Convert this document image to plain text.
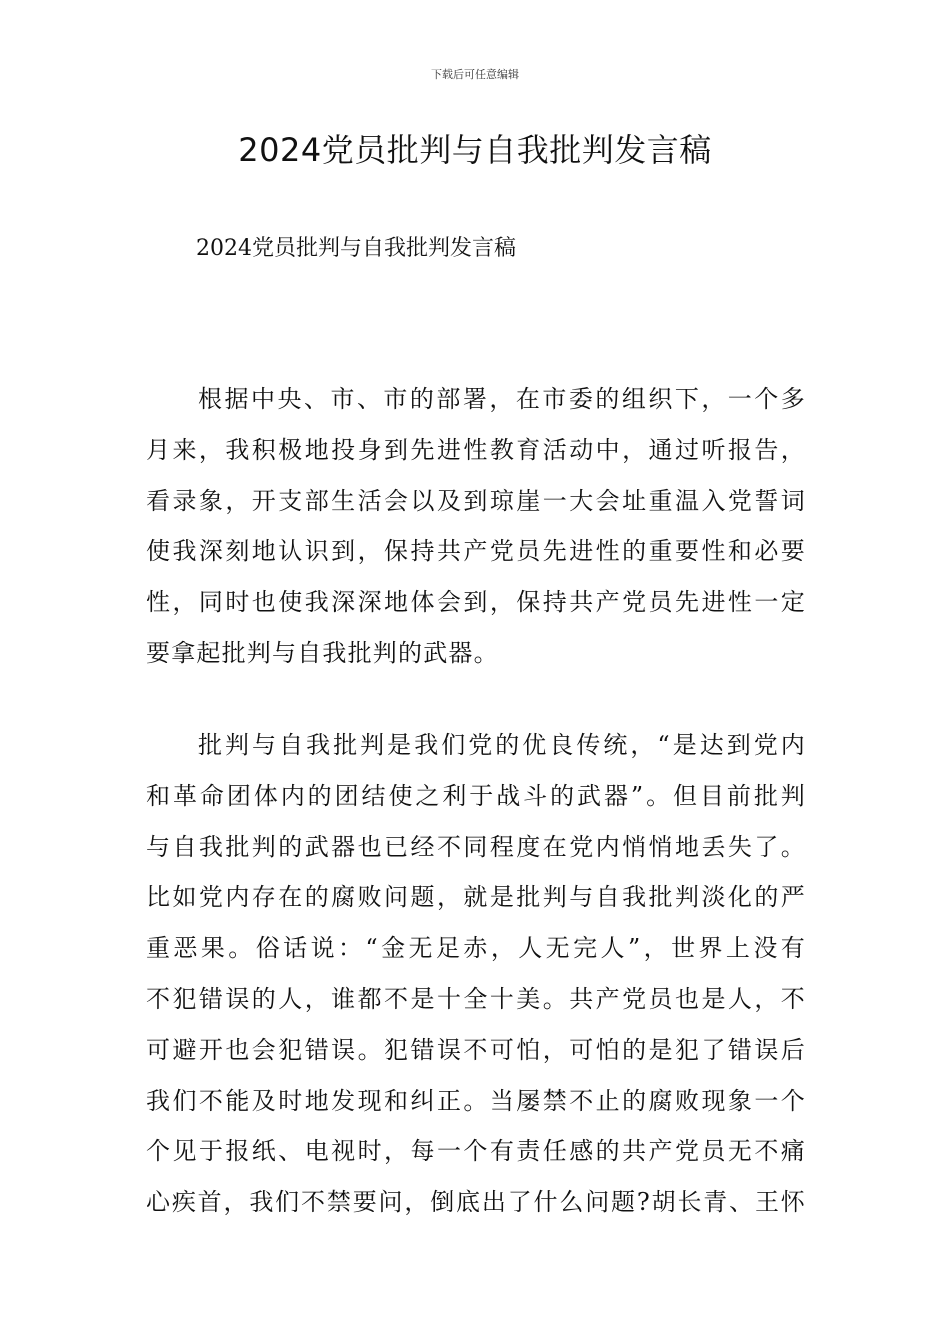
下载后可任意编辑
2024党员批判与自我批判发言稿

2024党员批判与自我批判发言稿

根据中央、市、市的部署，在市委的组织下，一个多
月来，我积极地投身到先进性教育活动中，通过听报告，
看录象，开支部生活会以及到琼崖一大会址重温入党誓词
使我深刻地认识到，保持共产党员先进性的重要性和必要
性，同时也使我深深地体会到，保持共产党员先进性一定
要拿起批判与自我批判的武器。
批判与自我批判是我们党的优良传统，“是达到党内
和革命团体内的团结使之利于战斗的武器”。但目前批判
与自我批判的武器也已经不同程度在党内悄悄地丢失了。
比如党内存在的腐败问题，就是批判与自我批判淡化的严
重恶果。俗话说：“金无足赤，人无完人”，世界上没有
不犯错误的人，谁都不是十全十美。共产党员也是人，不
可避开也会犯错误。犯错误不可怕，可怕的是犯了错误后
我们不能及时地发现和纠正。当屡禁不止的腐败现象一个
个见于报纸、电视时，每一个有责任感的共产党员无不痛
心疾首，我们不禁要问，倒底出了什么问题?胡长青、王怀
